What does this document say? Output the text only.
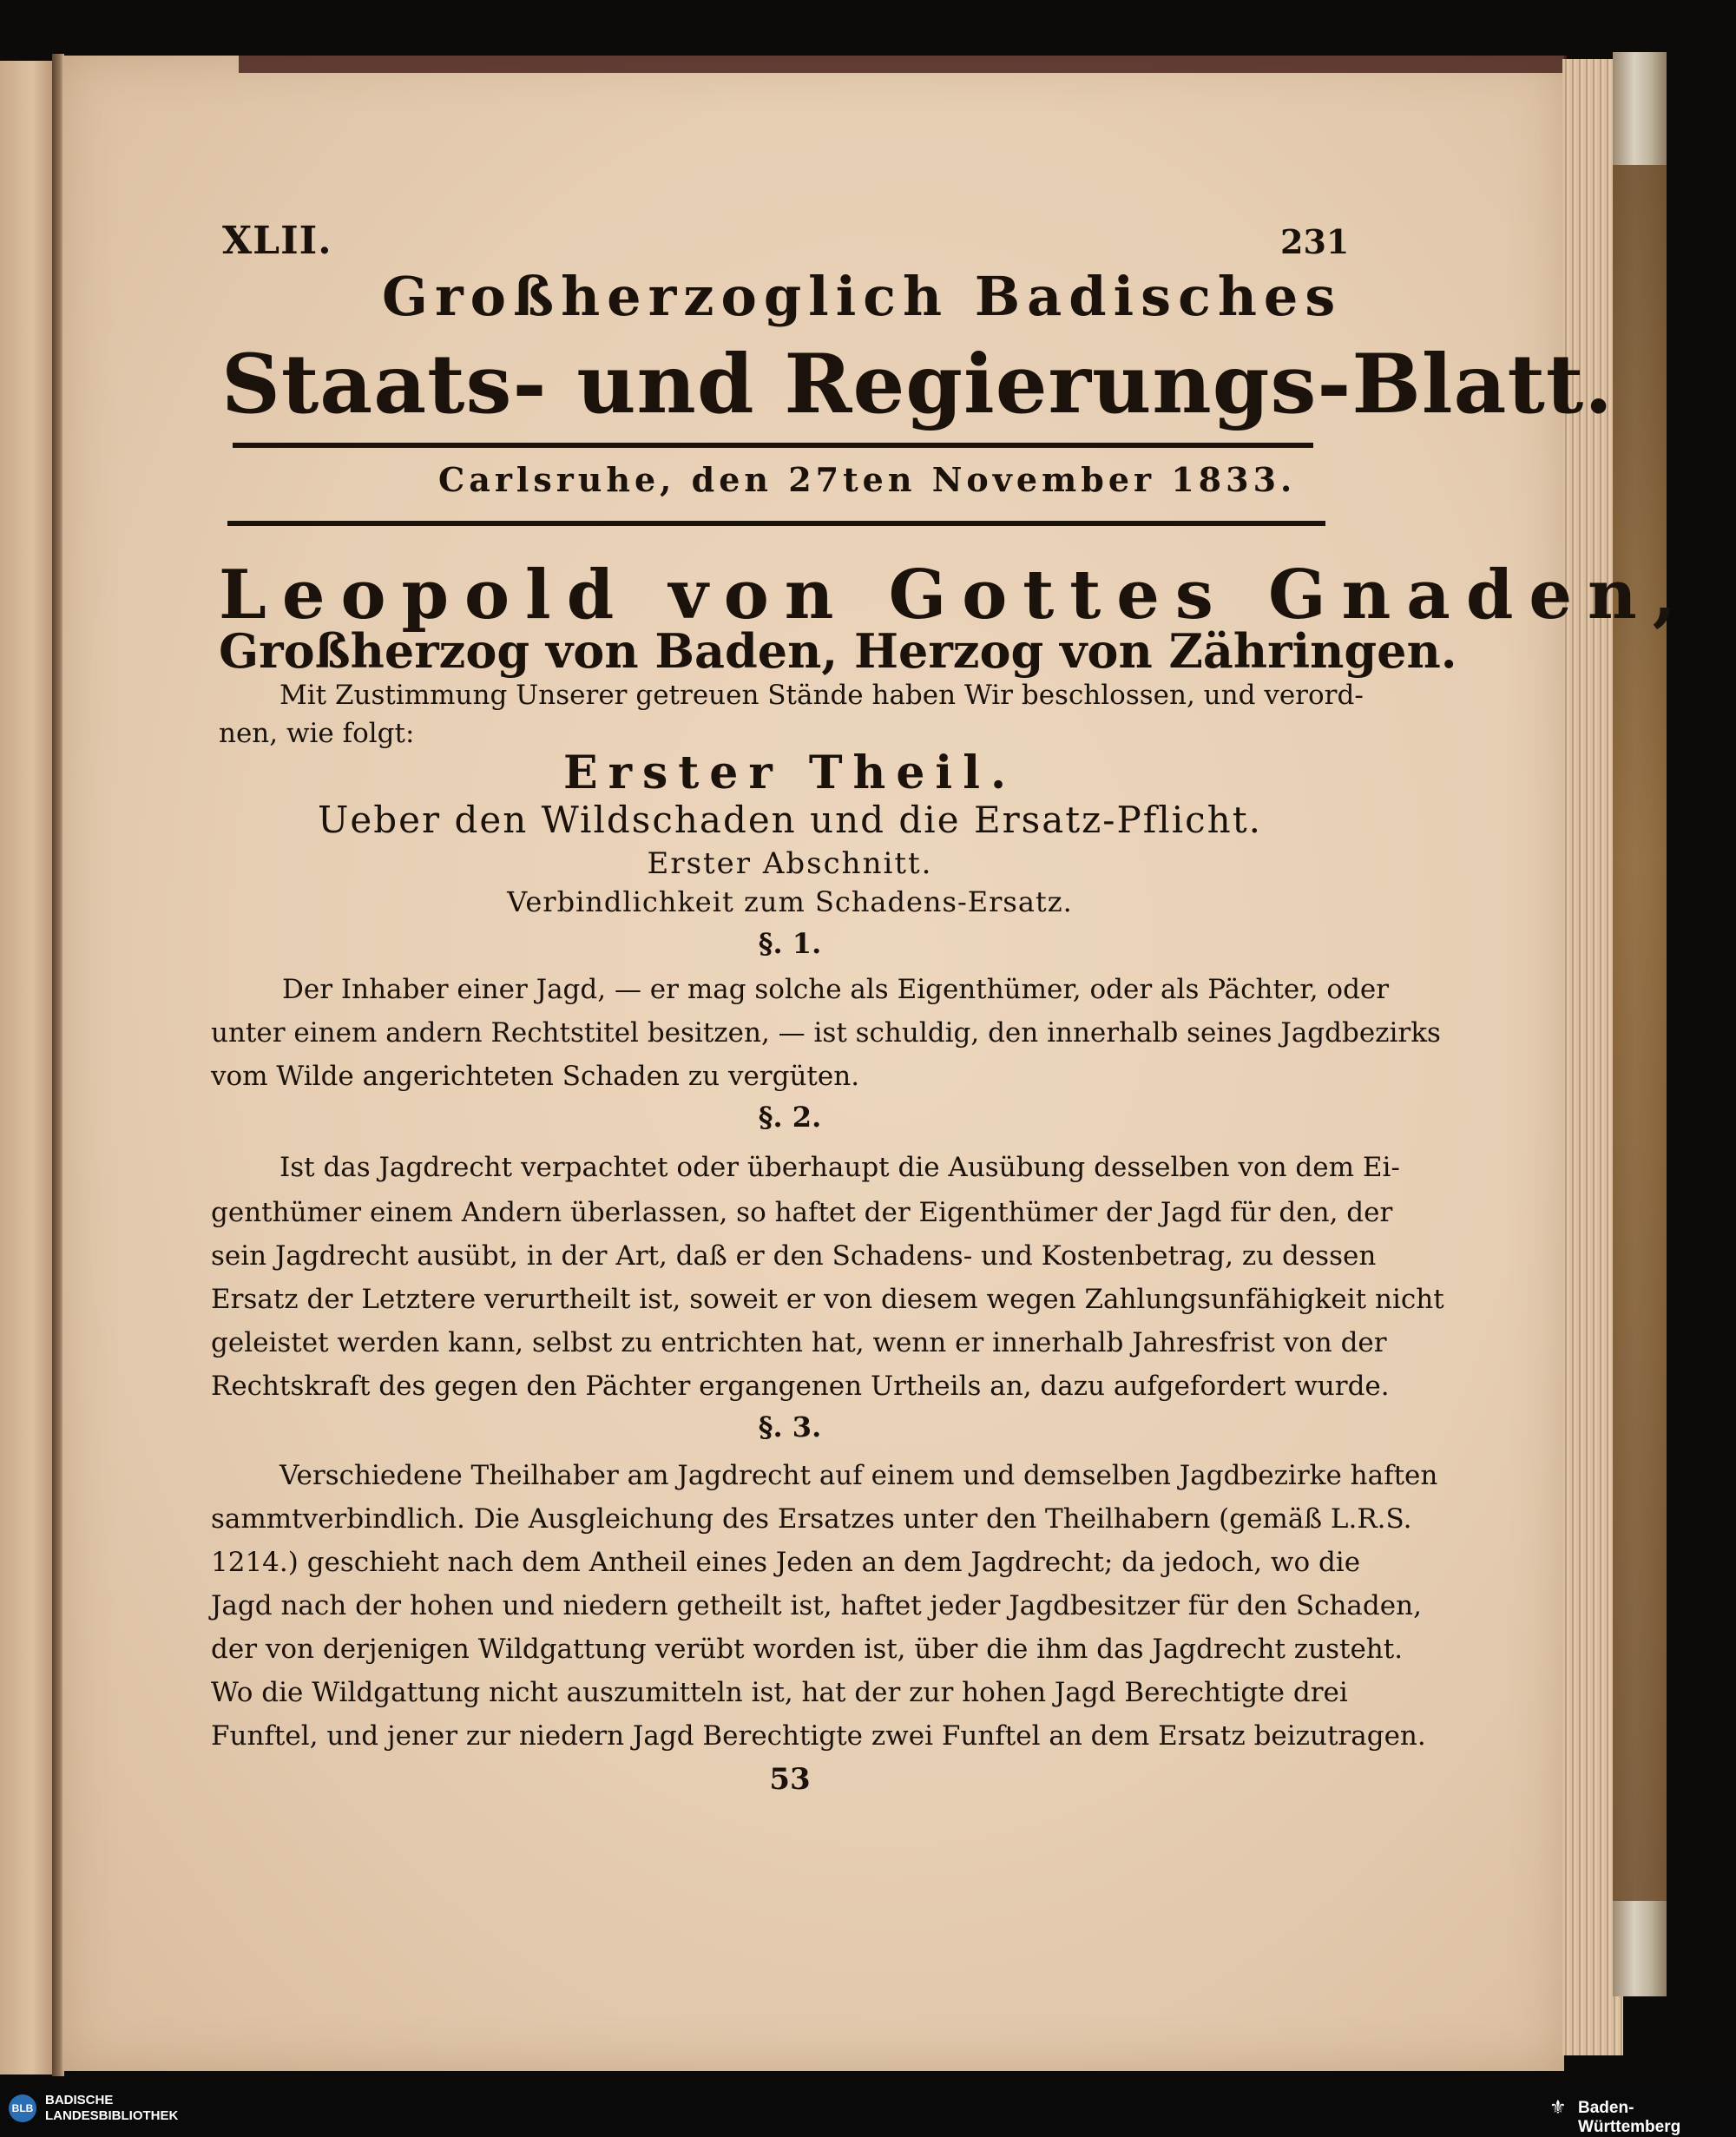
XLII.	231
Großherzoglich Badisches
Staats- und Regierungs-Blatt.
Carlsruhe, den 27ten November 1833.
Leopold von Gottes Gnaden,
Großherzog von Baden, Herzog von Zähringen.
Mit Zustimmung Unserer getreuen Stände haben Wir beschlossen, und verord-
nen, wie folgt:
Erster Theil.
Ueber den Wildschaden und die Ersatz-Pflicht.
Erster Abschnitt.
Verbindlichkeit zum Schadens-Ersatz.
§. 1.
Der Inhaber einer Jagd, — er mag solche als Eigenthümer, oder als Pächter, oder
unter einem andern Rechtstitel besitzen, — ist schuldig, den innerhalb seines Jagdbezirks
vom Wilde angerichteten Schaden zu vergüten.
§. 2.
Ist das Jagdrecht verpachtet oder überhaupt die Ausübung desselben von dem Ei-
genthümer einem Andern überlassen, so haftet der Eigenthümer der Jagd für den, der
sein Jagdrecht ausübt, in der Art, daß er den Schadens- und Kostenbetrag, zu dessen
Ersatz der Letztere verurtheilt ist, soweit er von diesem wegen Zahlungsunfähigkeit nicht
geleistet werden kann, selbst zu entrichten hat, wenn er innerhalb Jahresfrist von der
Rechtskraft des gegen den Pächter ergangenen Urtheils an, dazu aufgefordert wurde.
§. 3.
Verschiedene Theilhaber am Jagdrecht auf einem und demselben Jagdbezirke haften
sammtverbindlich. Die Ausgleichung des Ersatzes unter den Theilhabern (gemäß L.R.S.
1214.) geschieht nach dem Antheil eines Jeden an dem Jagdrecht; da jedoch, wo die
Jagd nach der hohen und niedern getheilt ist, haftet jeder Jagdbesitzer für den Schaden,
der von derjenigen Wildgattung verübt worden ist, über die ihm das Jagdrecht zusteht.
Wo die Wildgattung nicht auszumitteln ist, hat der zur hohen Jagd Berechtigte drei
Funftel, und jener zur niedern Jagd Berechtigte zwei Funftel an dem Ersatz beizutragen.
53
BLB
BADISCHE
LANDESBIBLIOTHEK	⚜ Baden-Württemberg
